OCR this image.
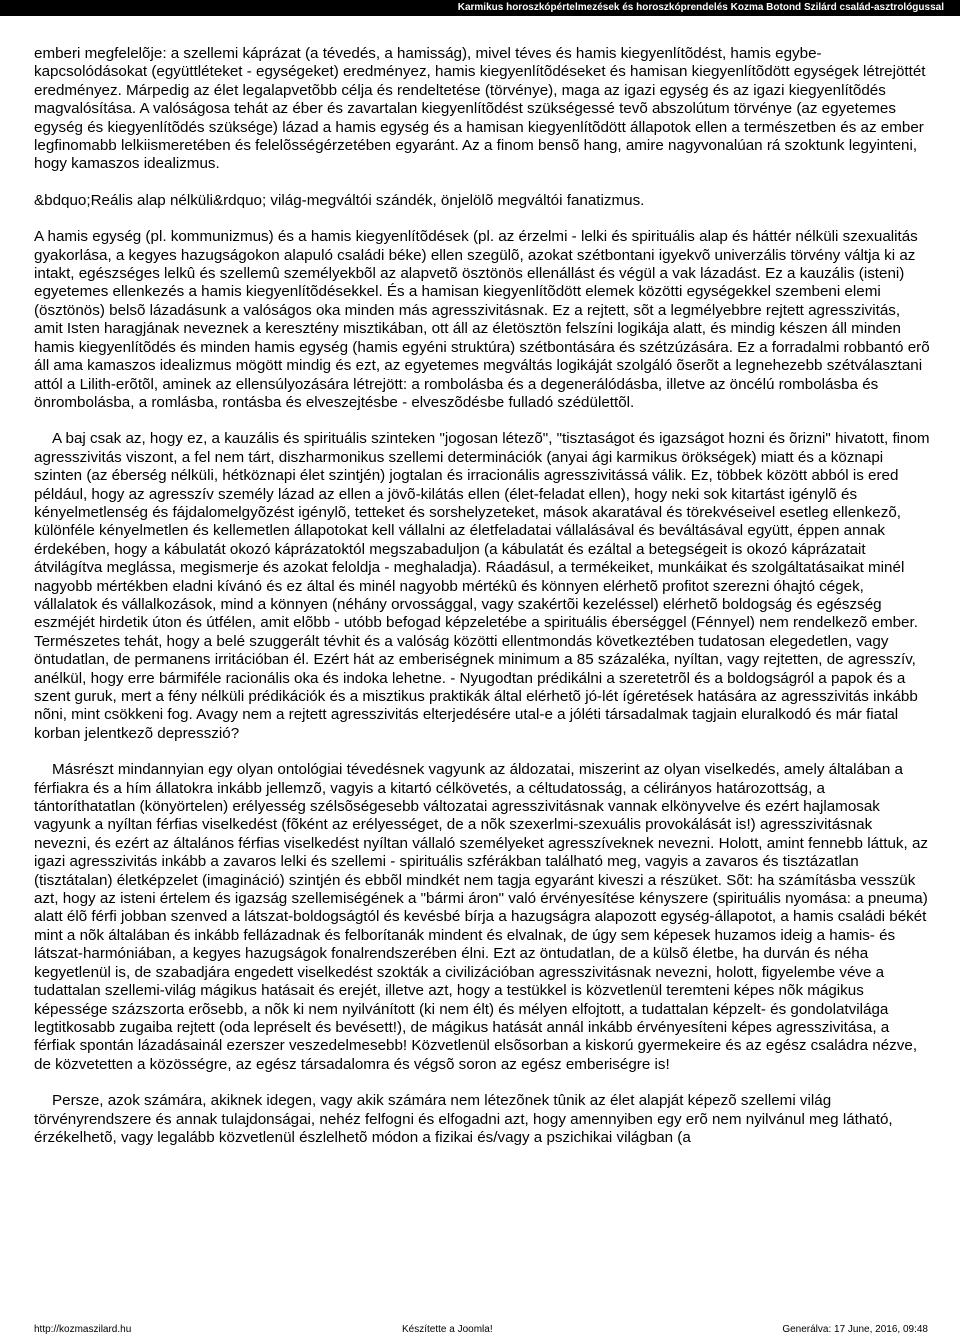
Karmikus horoszkópértelmezések és horoszkóprendelés Kozma Botond Szilárd család-asztrológussal

emberi megfelelõje: a szellemi káprázat (a tévedés, a hamisság), mivel téves és hamis kiegyenlítõdést, hamis egybe-kapcsolódásokat (együttléteket - egységeket) eredményez, hamis kiegyenlítõdéseket és hamisan kiegyenlítõdött egységek létrejöttét eredményez. Márpedig az élet legalapvetõbb célja és rendeltetése (törvénye), maga az igazi egység és az igazi kiegyenlítõdés magvalósítása. A valóságosa tehát az éber és zavartalan kiegyenlítõdést szükségessé tevõ abszolútum törvénye (az egyetemes egység és kiegyenlítõdés szüksége) lázad a hamis egység és a hamisan kiegyenlítõdött állapotok ellen a természetben és az ember legfinomabb lelkiismeretében és felelõsségérzetében egyaránt. Az a finom bensõ hang, amire nagyvonalúan rá szoktunk legyinteni, hogy kamaszos idealizmus.

&bdquo;Reális alap nélküli&rdquo; világ-megváltói szándék, önjelölõ megváltói fanatizmus.

A hamis egység (pl. kommunizmus) és a hamis kiegyenlítõdések (pl. az érzelmi - lelki és spirituális alap és háttér nélküli szexualitás gyakorlása, a kegyes hazugságokon alapuló családi béke) ellen szegülõ, azokat szétbontani igyekvõ univerzális törvény váltja ki az intakt, egészséges lelkû és szellemû személyekbõl az alapvetõ ösztönös ellenállást és végül a vak lázadást. Ez a kauzális (isteni) egyetemes ellenkezés a hamis kiegyenlítõdésekkel. És a hamisan kiegyenlítõdött elemek közötti egységekkel szembeni elemi (ösztönös) belsõ lázadásunk a valóságos oka minden más agresszivitásnak. Ez a rejtett, sõt a legmélyebbre rejtett agresszivitás, amit Isten haragjának neveznek a keresztény misztikában, ott áll az életösztön felszíni logikája alatt, és mindig készen áll minden hamis kiegyenlítõdés és minden hamis egység (hamis egyéni struktúra) szétbontására és szétzúzására. Ez a forradalmi robbantó erõ áll ama kamaszos idealizmus mögött mindig és ezt, az egyetemes megváltás logikáját szolgáló õserõt a legnehezebb szétválasztani attól a Lilith-erõtõl, aminek az ellensúlyozására létrejött: a rombolásba és a degenerálódásba, illetve az öncélú rombolásba és önrombolásba, a romlásba, rontásba és elveszejtésbe - elveszõdésbe fulladó szédülettõl.

A baj csak az, hogy ez, a kauzális és spirituális szinteken "jogosan létezõ", "tisztaságot és igazságot hozni és õrizni" hivatott, finom agresszivitás viszont, a fel nem tárt, diszharmonikus szellemi determinációk (anyai ági karmikus örökségek) miatt és a köznapi szinten (az éberség nélküli, hétköznapi élet szintjén) jogtalan és irracionális agresszivitássá válik. Ez, többek között abból is ered például, hogy az agresszív személy lázad az ellen a jövõ-kilátás ellen (élet-feladat ellen), hogy neki sok kitartást igénylõ és kényelmetlenség és fájdalomelgyõzést igénylõ, tetteket és sorshelyzeteket, mások akaratával és törekvéseivel esetleg ellenkezõ, különféle kényelmetlen és kellemetlen állapotokat kell vállalni az életfeladatai vállalásával és beváltásával együtt, éppen annak érdekében, hogy a kábulatát okozó káprázatoktól megszabaduljon (a kábulatát és ezáltal a betegségeit is okozó káprázatait átvilágítva meglássa, megismerje és azokat feloldja - meghaladja). Ráadásul, a termékeiket, munkáikat és szolgáltatásaikat minél nagyobb mértékben eladni kívánó és ez által és minél nagyobb mértékû és könnyen elérhetõ profitot szerezni óhajtó cégek, vállalatok és vállalkozások, mind a könnyen (néhány orvossággal, vagy szakértõi kezeléssel) elérhetõ boldogság és egészség eszméjét hirdetik úton és útfélen, amit elõbb - utóbb befogad képzeletébe a spirituális éberséggel (Fénnyel) nem rendelkezõ ember. Természetes tehát, hogy a belé szuggerált tévhit és a valóság közötti ellentmondás következtében tudatosan elegedetlen, vagy öntudatlan, de permanens irritációban él. Ezért hát az emberiségnek minimum a 85 százaléka, nyíltan, vagy rejtetten, de agresszív, anélkül, hogy erre bármiféle racionális oka és indoka lehetne. - Nyugodtan prédikálni a szeretetrõl és a boldogságról a papok és a szent guruk, mert a fény nélküli prédikációk és a misztikus praktikák által elérhetõ jó-lét ígéretések hatására az agresszivitás inkább nõni, mint csökkeni fog. Avagy nem a rejtett agresszivitás elterjedésére utal-e a jóléti társadalmak tagjain eluralkodó és már fiatal korban jelentkezõ depresszió?

Másrészt mindannyian egy olyan ontológiai tévedésnek vagyunk az áldozatai, miszerint az olyan viselkedés, amely általában a férfiakra és a hím állatokra inkább jellemzõ, vagyis a kitartó célkövetés, a céltudatosság, a célirányos határozottság, a tántoríthatatlan (könyörtelen) erélyesség szélsõségesebb változatai agresszivitásnak vannak elkönyvelve és ezért hajlamosak vagyunk a nyíltan férfias viselkedést (fõként az erélyességet, de a nõk szexerlmi-szexuális provokálását is!) agresszivitásnak nevezni, és ezért az általános férfias viselkedést nyíltan vállaló személyeket agresszíveknek nevezni. Holott, amint fennebb láttuk, az igazi agresszivitás inkább a zavaros lelki és szellemi - spirituális szférákban található meg, vagyis a zavaros és tisztázatlan (tisztátalan) életképzelet (imagináció) szintjén és ebbõl mindkét nem tagja egyaránt kiveszi a részüket. Sõt: ha számításba vesszük azt, hogy az isteni értelem és igazság szellemiségének a "bármi áron" való érvényesítése kényszere (spirituális nyomása: a pneuma) alatt élõ férfi jobban szenved a látszat-boldogságtól és kevésbé bírja a hazugságra alapozott egység-állapotot, a hamis családi békét mint a nõk általában és inkább fellázadnak és felborítanák mindent és elvalnak, de úgy sem képesek huzamos ideig a hamis- és látszat-harmóniában, a kegyes hazugságok fonalrendszerében élni. Ezt az öntudatlan, de a külsõ életbe, ha durván és néha kegyetlenül is, de szabadjára engedett viselkedést szokták a civilizációban agresszivitásnak nevezni, holott, figyelembe véve a tudattalan szellemi-világ mágikus hatásait és erejét, illetve azt, hogy a testükkel is közvetlenül teremteni képes nõk mágikus képessége százszorta erõsebb, a nõk ki nem nyilvánított (ki nem élt) és mélyen elfojtott, a tudattalan képzelt- és gondolatvilága legtitkosabb zugaiba rejtett (oda lepréselt és bevésett!), de mágikus hatását annál inkább érvényesíteni képes agresszivitása, a férfiak spontán lázadásainál ezerszer veszedelmesebb! Közvetlenül elsõsorban a kiskorú gyermekeire és az egész családra nézve, de közvetetten a közösségre, az egész társadalomra és végsõ soron az egész emberiségre is!

Persze, azok számára, akiknek idegen, vagy akik számára nem létezõnek tûnik az élet alapját képezõ szellemi világ törvényrendszere és annak tulajdonságai, nehéz felfogni és elfogadni azt, hogy amennyiben egy erõ nem nyilvánul meg látható, érzékelhetõ, vagy legalább közvetlenül észlelhetõ módon a fizikai és/vagy a pszichikai világban (a

http://kozmaszilard.hu	Készítette a Joomla!	Generálva: 17 June, 2016, 09:48
